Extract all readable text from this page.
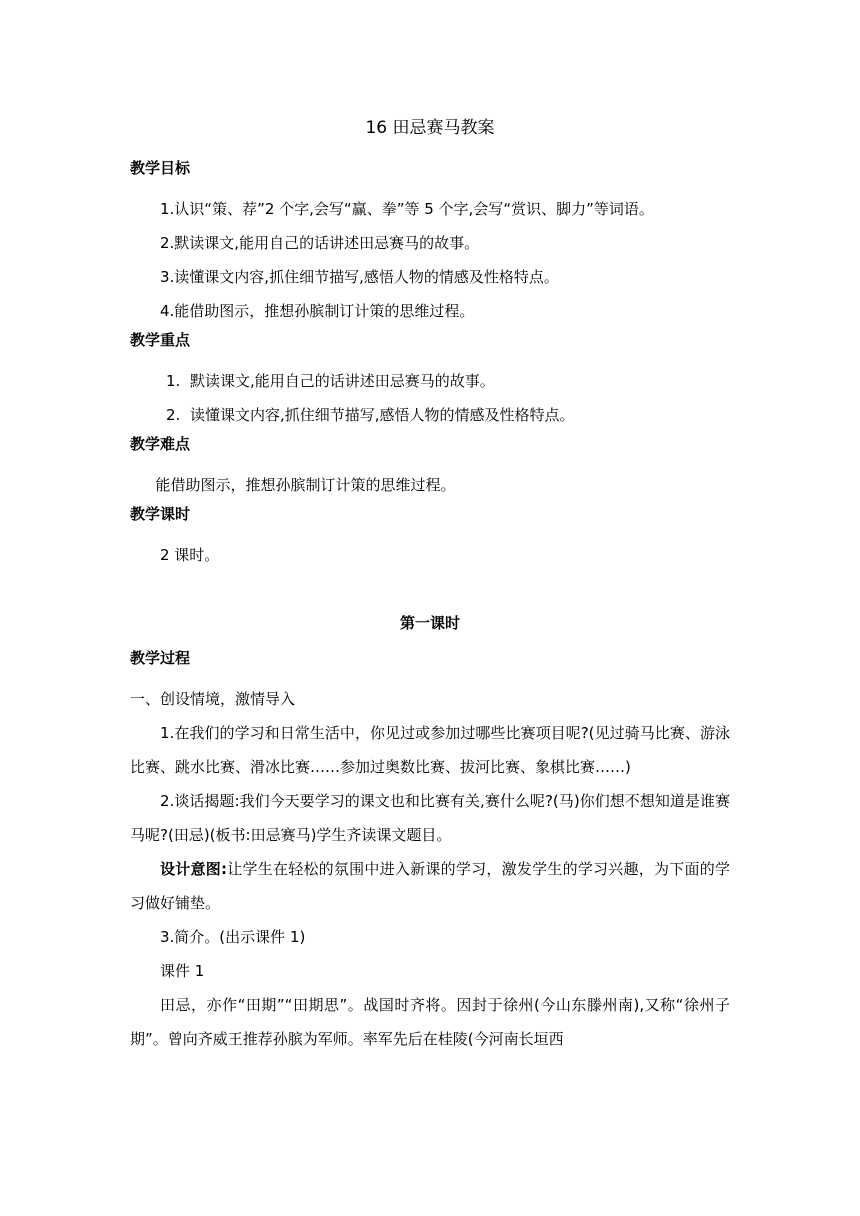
16 田忌赛马教案
教学目标

1.认识“策、荐”2 个字,会写“赢、拳”等 5 个字,会写“赏识、脚力”等词语。

2.默读课文,能用自己的话讲述田忌赛马的故事。

3.读懂课文内容,抓住细节描写,感悟人物的情感及性格特点。

4.能借助图示，推想孙膑制订计策的思维过程。

教学重点
1. 默读课文,能用自己的话讲述田忌赛马的故事。
2. 读懂课文内容,抓住细节描写,感悟人物的情感及性格特点。
教学难点

能借助图示，推想孙膑制订计策的思维过程。

教学课时

2 课时。

第一课时
教学过程

一、创设情境，激情导入

1.在我们的学习和日常生活中，你见过或参加过哪些比赛项目呢?(见过骑马比赛、游泳比赛、跳水比赛、滑冰比赛……参加过奥数比赛、拔河比赛、象棋比赛……)

2.谈话揭题:我们今天要学习的课文也和比赛有关,赛什么呢?(马)你们想不想知道是谁赛马呢?(田忌)(板书:田忌赛马)学生齐读课文题目。

设计意图:让学生在轻松的氛围中进入新课的学习，激发学生的学习兴趣，为下面的学习做好铺垫。

3.简介。(出示课件 1)

课件 1

田忌，亦作“田期”“田期思”。战国时齐将。因封于徐州(今山东滕州南),又称“徐州子期”。曾向齐威王推荐孙膑为军师。率军先后在桂陵(今河南长垣西
